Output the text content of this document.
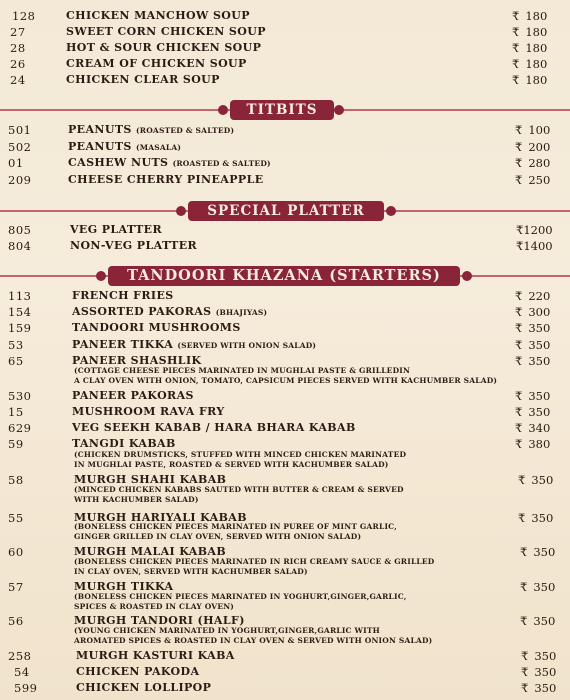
128	CHICKEN MANCHOW SOUP	₹ 180
27	SWEET CORN CHICKEN SOUP	₹ 180
28	HOT & SOUR CHICKEN SOUP	₹ 180
26	CREAM OF CHICKEN SOUP	₹ 180
24	CHICKEN CLEAR SOUP	₹ 180
TITBITS
501	PEANUTS (ROASTED & SALTED)	₹ 100
502	PEANUTS (MASALA)	₹ 200
01	CASHEW NUTS (ROASTED & SALTED)	₹ 280
209	CHEESE CHERRY PINEAPPLE	₹ 250
SPECIAL PLATTER
805	VEG PLATTER	₹1200
804	NON-VEG PLATTER	₹1400
TANDOORI KHAZANA (STARTERS)
113	FRENCH FRIES	₹ 220
154	ASSORTED PAKORAS (BHAJIYAS)	₹ 300
159	TANDOORI MUSHROOMS	₹ 350
53	PANEER TIKKA (SERVED WITH ONION SALAD)	₹ 350
65	PANEER SHASHLIK	₹ 350
(COTTAGE CHEESE PIECES MARINATED IN MUGHLAI PASTE & GRILLEDIN
A CLAY OVEN WITH ONION, TOMATO, CAPSICUM PIECES SERVED WITH KACHUMBER SALAD)
530	PANEER PAKORAS	₹ 350
15	MUSHROOM RAVA FRY	₹ 350
629	VEG SEEKH KABAB / HARA BHARA KABAB	₹ 340
59	TANGDI KABAB	₹ 380
(CHICKEN DRUMSTICKS, STUFFED WITH MINCED CHICKEN MARINATED
IN MUGHLAI PASTE, ROASTED & SERVED WITH KACHUMBER SALAD)
58	MURGH SHAHI KABAB	₹ 350
(MINCED CHICKEN KABABS SAUTED WITH BUTTER & CREAM & SERVED
WITH KACHUMBER SALAD)
55	MURGH HARIYALI KABAB	₹ 350
(BONELESS CHICKEN PIECES MARINATED IN PUREE OF MINT GARLIC,
GINGER GRILLED IN CLAY OVEN, SERVED WITH ONION SALAD)
60	MURGH MALAI KABAB	₹ 350
(BONELESS CHICKEN PIECES MARINATED IN RICH CREAMY SAUCE & GRILLED
IN CLAY OVEN, SERVED WITH KACHUMBER SALAD)
57	MURGH TIKKA	₹ 350
(BONELESS CHICKEN PIECES MARINATED IN YOGHURT,GINGER,GARLIC,
SPICES & ROASTED IN CLAY OVEN)
56	MURGH TANDORI (HALF)	₹ 350
(YOUNG CHICKEN MARINATED IN YOGHURT,GINGER,GARLIC WITH
AROMATED SPICES & ROASTED IN CLAY OVEN & SERVED WITH ONION SALAD)
258	MURGH KASTURI KABA	₹ 350
54	CHICKEN PAKODA	₹ 350
599	CHICKEN LOLLIPOP	₹ 350
